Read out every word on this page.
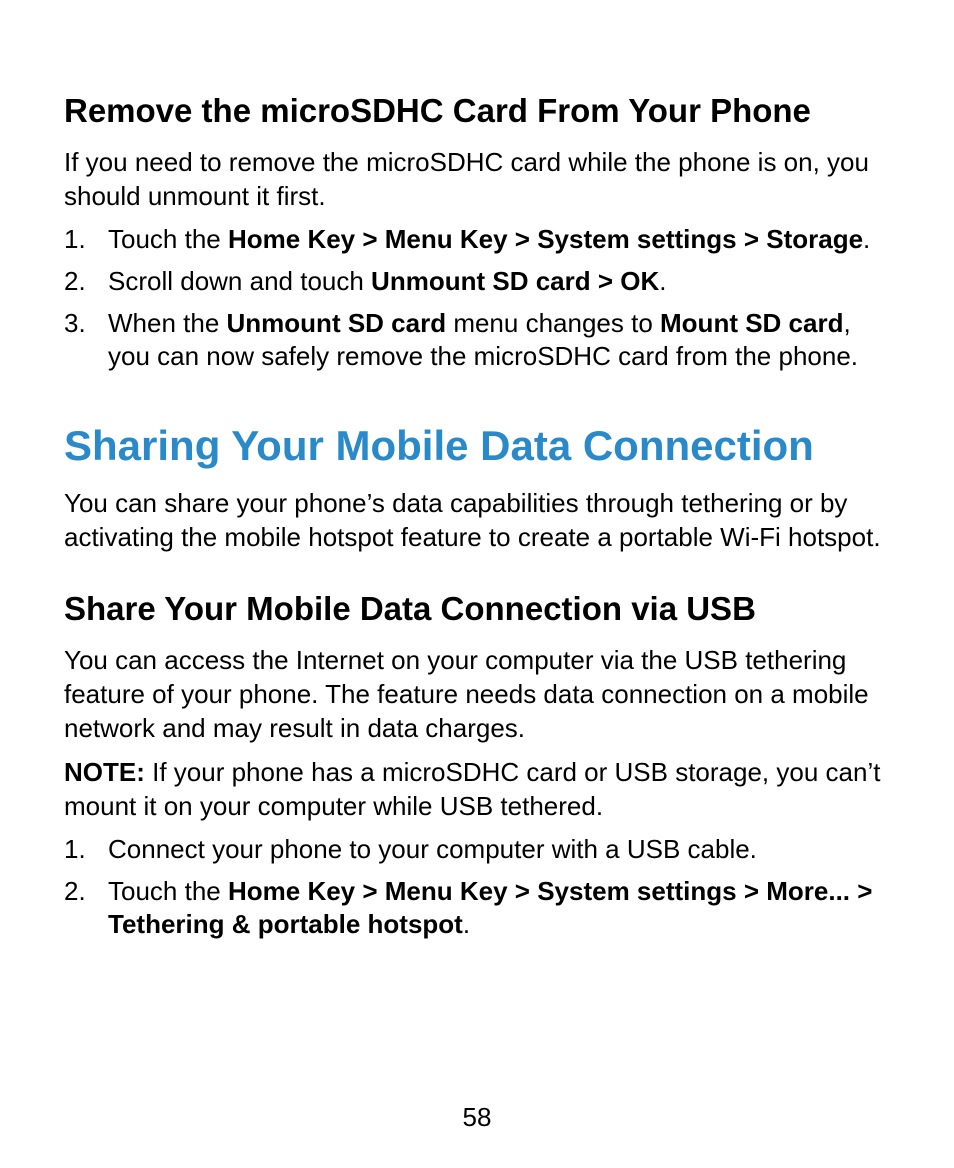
Remove the microSDHC Card From Your Phone

If you need to remove the microSDHC card while the phone is on, you should unmount it first.

1. Touch the Home Key > Menu Key > System settings > Storage.
2. Scroll down and touch Unmount SD card > OK.
3. When the Unmount SD card menu changes to Mount SD card, you can now safely remove the microSDHC card from the phone.
Sharing Your Mobile Data Connection

You can share your phone’s data capabilities through tethering or by activating the mobile hotspot feature to create a portable Wi-Fi hotspot.

Share Your Mobile Data Connection via USB

You can access the Internet on your computer via the USB tethering feature of your phone. The feature needs data connection on a mobile network and may result in data charges.

NOTE: If your phone has a microSDHC card or USB storage, you can’t mount it on your computer while USB tethered.

1. Connect your phone to your computer with a USB cable.
2. Touch the Home Key > Menu Key > System settings > More... > Tethering & portable hotspot.
58
